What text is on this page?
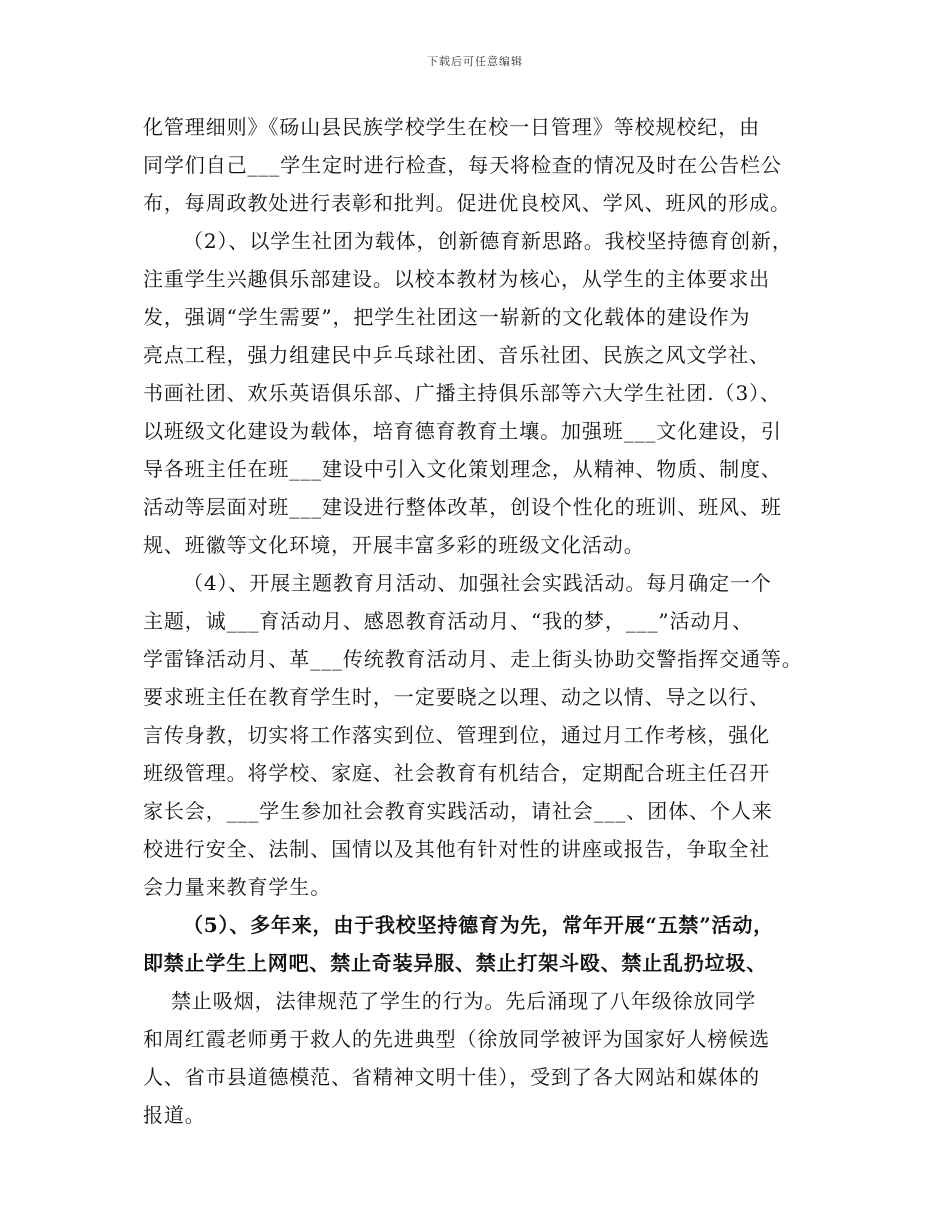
下载后可任意编辑
化管理细则》《砀山县民族学校学生在校一日管理》等校规校纪，由
同学们自己___学生定时进行检查，每天将检查的情况及时在公告栏公
布，每周政教处进行表彰和批判。促进优良校风、学风、班风的形成。
（2）、以学生社团为载体，创新德育新思路。我校坚持德育创新，
注重学生兴趣俱乐部建设。以校本教材为核心，从学生的主体要求出
发，强调“学生需要”，把学生社团这一崭新的文化载体的建设作为
亮点工程，强力组建民中乒乓球社团、音乐社团、民族之风文学社、
书画社团、欢乐英语俱乐部、广播主持俱乐部等六大学生社团.（3）、
以班级文化建设为载体，培育德育教育土壤。加强班___文化建设，引
导各班主任在班___建设中引入文化策划理念，从精神、物质、制度、
活动等层面对班___建设进行整体改革，创设个性化的班训、班风、班
规、班徽等文化环境，开展丰富多彩的班级文化活动。
（4）、开展主题教育月活动、加强社会实践活动。每月确定一个
主题，诚___育活动月、感恩教育活动月、“我的梦，___”活动月、
学雷锋活动月、革___传统教育活动月、走上街头协助交警指挥交通等。
要求班主任在教育学生时，一定要晓之以理、动之以情、导之以行、
言传身教，切实将工作落实到位、管理到位，通过月工作考核，强化
班级管理。将学校、家庭、社会教育有机结合，定期配合班主任召开
家长会，___学生参加社会教育实践活动，请社会___、团体、个人来
校进行安全、法制、国情以及其他有针对性的讲座或报告，争取全社
会力量来教育学生。
（5）、多年来，由于我校坚持德育为先，常年开展“五禁”活动，
即禁止学生上网吧、禁止奇装异服、禁止打架斗殴、禁止乱扔垃圾、
禁止吸烟，法律规范了学生的行为。先后涌现了八年级徐放同学
和周红霞老师勇于救人的先进典型（徐放同学被评为国家好人榜候选
人、省市县道德模范、省精神文明十佳），受到了各大网站和媒体的
报道。
